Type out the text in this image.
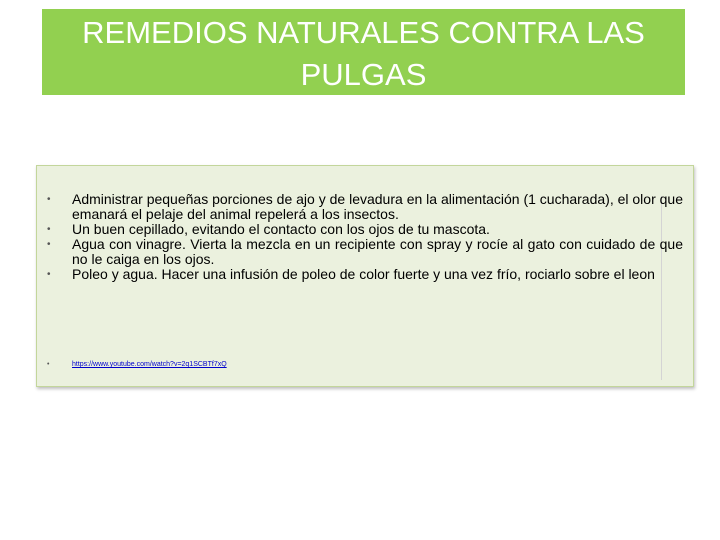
REMEDIOS NATURALES CONTRA LAS PULGAS
• Administrar pequeñas porciones de ajo y de levadura en la alimentación (1 cucharada), el olor que emanará el pelaje del animal repelerá a los insectos.
• Un buen cepillado, evitando el contacto con los ojos de tu mascota.
• Agua con vinagre. Vierta la mezcla en un recipiente con spray y rocíe al gato con cuidado de que no le caiga en los ojos.
• Poleo y agua. Hacer una infusión de poleo de color fuerte y una vez frío, rociarlo sobre el leon
•	https://www.youtube.com/watch?v=2q1SCBTf7xQ
